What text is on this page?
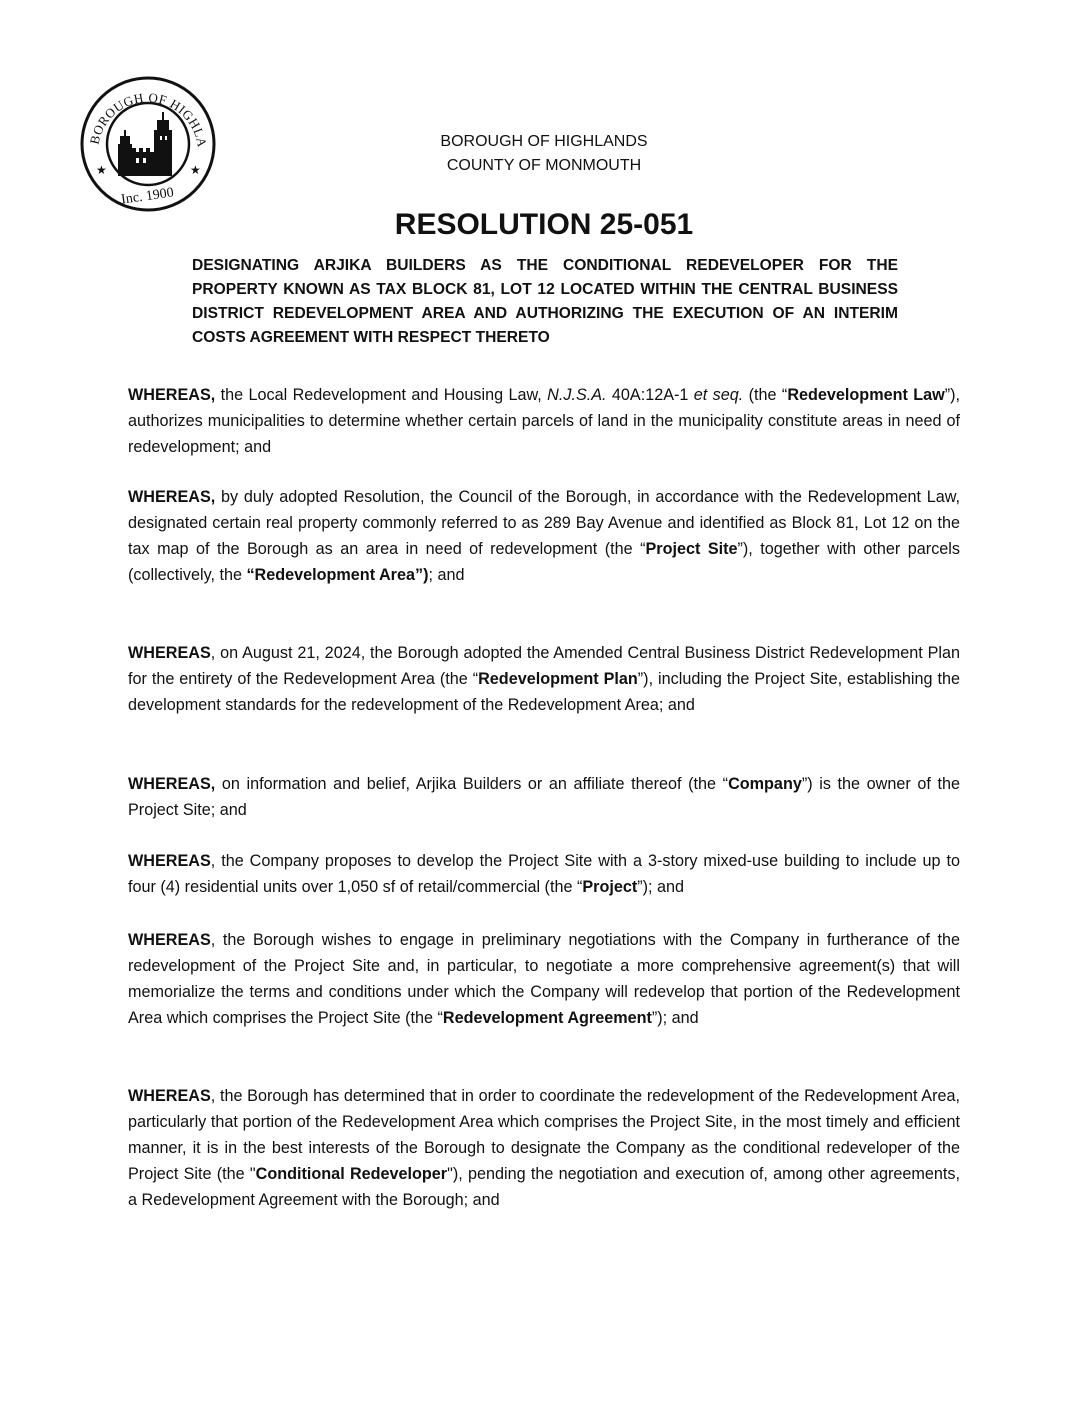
BOROUGH OF HIGHLA
Inc. 1900
★	★
BOROUGH OF HIGHLANDS
COUNTY OF MONMOUTH
RESOLUTION 25-051
DESIGNATING ARJIKA BUILDERS AS THE CONDITIONAL REDEVELOPER FOR THE PROPERTY KNOWN AS TAX BLOCK 81, LOT 12 LOCATED WITHIN THE CENTRAL BUSINESS DISTRICT REDEVELOPMENT AREA AND AUTHORIZING THE EXECUTION OF AN INTERIM COSTS AGREEMENT WITH RESPECT THERETO
WHEREAS, the Local Redevelopment and Housing Law, N.J.S.A. 40A:12A-1 et seq. (the “Redevelopment Law”), authorizes municipalities to determine whether certain parcels of land in the municipality constitute areas in need of redevelopment; and
WHEREAS, by duly adopted Resolution, the Council of the Borough, in accordance with the Redevelopment Law, designated certain real property commonly referred to as 289 Bay Avenue and identified as Block 81, Lot 12 on the tax map of the Borough as an area in need of redevelopment (the “Project Site”), together with other parcels (collectively, the “Redevelopment Area”); and
WHEREAS, on August 21, 2024, the Borough adopted the Amended Central Business District Redevelopment Plan for the entirety of the Redevelopment Area (the “Redevelopment Plan”), including the Project Site, establishing the development standards for the redevelopment of the Redevelopment Area; and
WHEREAS, on information and belief, Arjika Builders or an affiliate thereof (the “Company”) is the owner of the Project Site; and
WHEREAS, the Company proposes to develop the Project Site with a 3-story mixed-use building to include up to four (4) residential units over 1,050 sf of retail/commercial (the “Project”); and
WHEREAS, the Borough wishes to engage in preliminary negotiations with the Company in furtherance of the redevelopment of the Project Site and, in particular, to negotiate a more comprehensive agreement(s) that will memorialize the terms and conditions under which the Company will redevelop that portion of the Redevelopment Area which comprises the Project Site (the “Redevelopment Agreement”); and
WHEREAS, the Borough has determined that in order to coordinate the redevelopment of the Redevelopment Area, particularly that portion of the Redevelopment Area which comprises the Project Site, in the most timely and efficient manner, it is in the best interests of the Borough to designate the Company as the conditional redeveloper of the Project Site (the "Conditional Redeveloper"), pending the negotiation and execution of, among other agreements, a Redevelopment Agreement with the Borough; and
